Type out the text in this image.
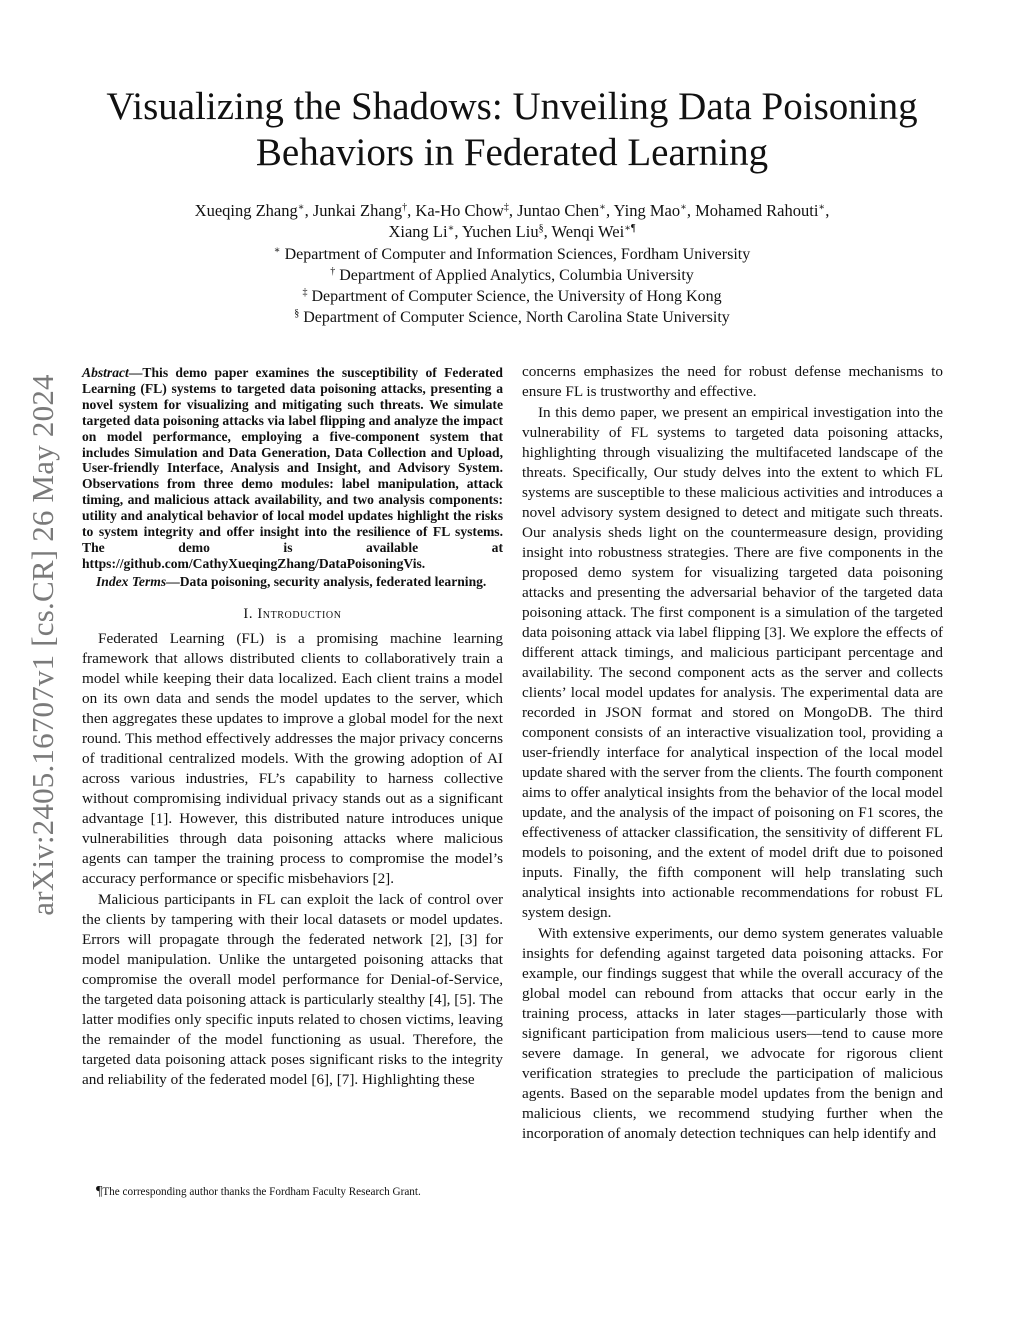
Visualizing the Shadows: Unveiling Data Poisoning
Behaviors in Federated Learning
Xueqing Zhang∗, Junkai Zhang†, Ka-Ho Chow‡, Juntao Chen∗, Ying Mao∗, Mohamed Rahouti∗,
Xiang Li∗, Yuchen Liu§, Wenqi Wei∗¶
∗ Department of Computer and Information Sciences, Fordham University
† Department of Applied Analytics, Columbia University
‡ Department of Computer Science, the University of Hong Kong
§ Department of Computer Science, North Carolina State University
arXiv:2405.16707v1 [cs.CR] 26 May 2024

Abstract—This demo paper examines the susceptibility of Federated Learning (FL) systems to targeted data poisoning attacks, presenting a novel system for visualizing and mitigating such threats. We simulate targeted data poisoning attacks via label flipping and analyze the impact on model performance, employing a five-component system that includes Simulation and Data Generation, Data Collection and Upload, User-friendly Interface, Analysis and Insight, and Advisory System. Observations from three demo modules: label manipulation, attack timing, and malicious attack availability, and two analysis components: utility and analytical behavior of local model updates highlight the risks to system integrity and offer insight into the resilience of FL systems. The demo is available at https://github.com/CathyXueqingZhang/DataPoisoningVis.

Index Terms—Data poisoning, security analysis, federated learning.

I. Introduction

Federated Learning (FL) is a promising machine learning framework that allows distributed clients to collaboratively train a model while keeping their data localized. Each client trains a model on its own data and sends the model updates to the server, which then aggregates these updates to improve a global model for the next round. This method effectively addresses the major privacy concerns of traditional centralized models. With the growing adoption of AI across various industries, FL’s capability to harness collective without compromising individual privacy stands out as a significant advantage [1]. However, this distributed nature introduces unique vulnerabilities through data poisoning attacks where malicious agents can tamper the training process to compromise the model’s accuracy performance or specific misbehaviors [2].

Malicious participants in FL can exploit the lack of control over the clients by tampering with their local datasets or model updates. Errors will propagate through the federated network [2], [3] for model manipulation. Unlike the untargeted poisoning attacks that compromise the overall model performance for Denial-of-Service, the targeted data poisoning attack is particularly stealthy [4], [5]. The latter modifies only specific inputs related to chosen victims, leaving the remainder of the model functioning as usual. Therefore, the targeted data poisoning attack poses significant risks to the integrity and reliability of the federated model [6], [7]. Highlighting these

¶The corresponding author thanks the Fordham Faculty Research Grant.

concerns emphasizes the need for robust defense mechanisms to ensure FL is trustworthy and effective.

In this demo paper, we present an empirical investigation into the vulnerability of FL systems to targeted data poisoning attacks, highlighting through visualizing the multifaceted landscape of the threats. Specifically, Our study delves into the extent to which FL systems are susceptible to these malicious activities and introduces a novel advisory system designed to detect and mitigate such threats. Our analysis sheds light on the countermeasure design, providing insight into robustness strategies. There are five components in the proposed demo system for visualizing targeted data poisoning attacks and presenting the adversarial behavior of the targeted data poisoning attack. The first component is a simulation of the targeted data poisoning attack via label flipping [3]. We explore the effects of different attack timings, and malicious participant percentage and availability. The second component acts as the server and collects clients’ local model updates for analysis. The experimental data are recorded in JSON format and stored on MongoDB. The third component consists of an interactive visualization tool, providing a user-friendly interface for analytical inspection of the local model update shared with the server from the clients. The fourth component aims to offer analytical insights from the behavior of the local model update, and the analysis of the impact of poisoning on F1 scores, the effectiveness of attacker classification, the sensitivity of different FL models to poisoning, and the extent of model drift due to poisoned inputs. Finally, the fifth component will help translating such analytical insights into actionable recommendations for robust FL system design.

With extensive experiments, our demo system generates valuable insights for defending against targeted data poisoning attacks. For example, our findings suggest that while the overall accuracy of the global model can rebound from attacks that occur early in the training process, attacks in later stages—particularly those with significant participation from malicious users—tend to cause more severe damage. In general, we advocate for rigorous client verification strategies to preclude the participation of malicious agents. Based on the separable model updates from the benign and malicious clients, we recommend studying further when the incorporation of anomaly detection techniques can help identify and
